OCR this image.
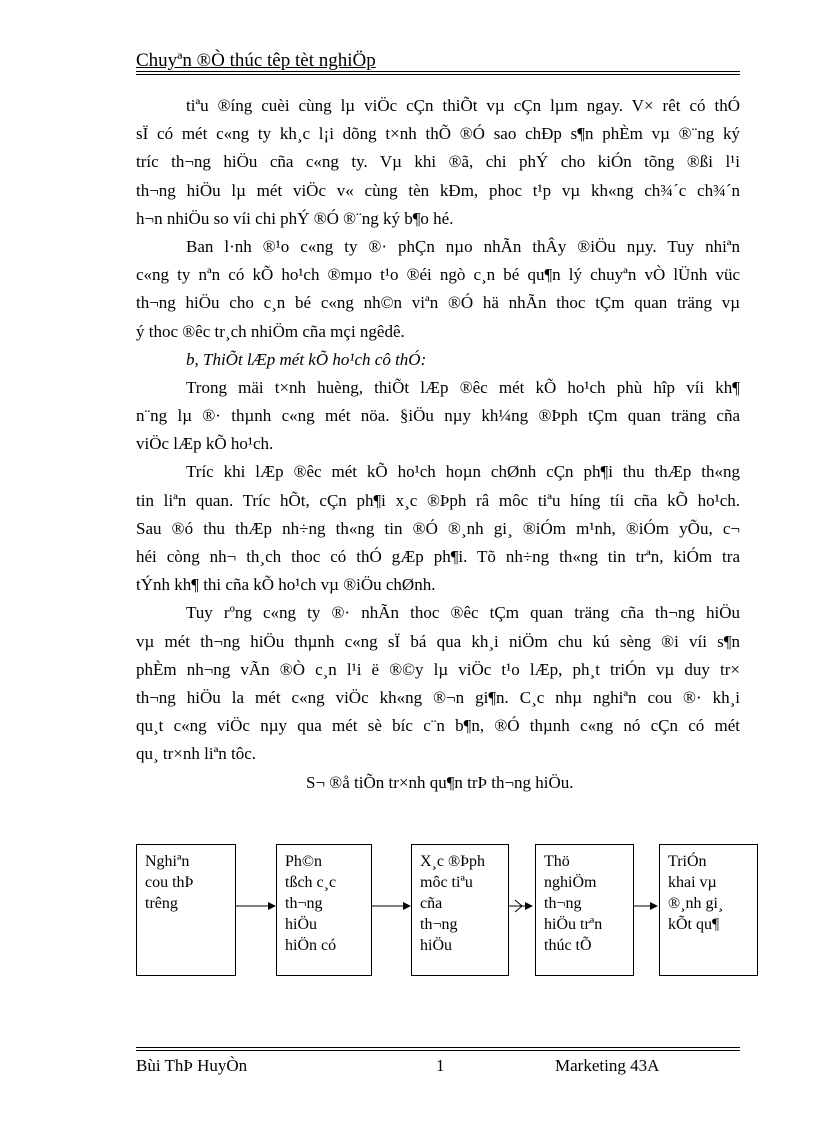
Chuyªn ®Ò thúc têp tèt nghiÖp
tiªu ®íng cuèi cùng lµ viÖc cÇn thiÕt vµ cÇn lµm ngay. V× rêt có thÓ
sÏ có mét c«ng ty kh¸c l¡i dõng t×nh thÕ ®Ó sao chÐp s¶n phÈm vµ ®¨ng ký
tríc th¬ng hiÖu cña c«ng ty. Vµ khi ®ã, chi phÝ cho kiÓn tõng ®ßi l¹i
th¬ng hiÖu lµ mét viÖc v« cùng tèn kÐm, phoc t¹p vµ kh«ng ch¾´c ch¾´n
h¬n nhiÖu so víi chi phÝ ®Ó ®¨ng ký b¶o hé.
Ban l·nh ®¹o c«ng ty ®· phÇn nµo nhÃn thÂy ®iÖu nµy. Tuy nhiªn
c«ng ty nªn có kÕ ho¹ch ®mµo t¹o ®éi ngò c¸n bé qu¶n lý chuyªn vÒ lÜnh vüc
th¬ng hiÖu cho c¸n bé c«ng nh©n viªn ®Ó hä nhÃn thoc tÇm quan träng vµ
ý thoc ®êc tr¸ch nhiÖm cña mçi ngêdê.
b, ThiÕt lÆp mét kÕ ho¹ch cô thÓ:
Trong mäi t×nh huèng, thiÕt lÆp ®êc mét kÕ ho¹ch phù hîp víi kh¶
n¨ng lµ ®· thµnh c«ng mét nöa. §iÖu nµy kh¼ng ®Þph tÇm quan träng cña
viÖc lÆp kÕ ho¹ch.
Tríc khi lÆp ®êc mét kÕ ho¹ch hoµn chØnh cÇn ph¶i thu thÆp th«ng
tin liªn quan. Tríc hÕt, cÇn ph¶i x¸c ®Þph râ môc tiªu híng tíi cña kÕ ho¹ch.
Sau ®ó thu thÆp nh÷ng th«ng tin ®Ó ®¸nh gi¸ ®iÓm m¹nh, ®iÓm yÕu, c¬
héi còng nh¬ th¸ch thoc có thÓ gÆp ph¶i. Tõ nh÷ng th«ng tin trªn, kiÓm tra
tÝnh kh¶ thi cña kÕ ho¹ch vµ ®iÖu chØnh.
Tuy rºng c«ng ty ®· nhÃn thoc ®êc tÇm quan träng cña th¬ng hiÖu
vµ mét th¬ng hiÖu thµnh c«ng sÏ bá qua kh¸i niÖm chu kú sèng ®i víi s¶n
phÈm nh¬ng vÃn ®Ò c¸n l¹i ë ®©y lµ viÖc t¹o lÆp, ph¸t triÓn vµ duy tr×
th¬ng hiÖu la mét c«ng viÖc kh«ng ®¬n gi¶n. C¸c nhµ nghiªn cou ®· kh¸i
qu¸t c«ng viÖc nµy qua mét sè bíc c¨n b¶n, ®Ó thµnh c«ng nó cÇn có mét
qu¸ tr×nh liªn tôc.
S¬ ®å tiÕn tr×nh qu¶n trÞ th¬ng hiÖu.
Nghiªn
cou thÞ
trêng
Ph©n
tßch c¸c
th¬ng
hiÖu
hiÖn có
X¸c ®Þph
môc tiªu
cña
th¬ng
hiÖu
Thö
nghiÖm
th¬ng
hiÖu trªn
thúc tÕ
TriÓn
khai vµ
®¸nh gi¸
kÕt qu¶
Bùi ThÞ HuyÒn	1	Marketing 43A
